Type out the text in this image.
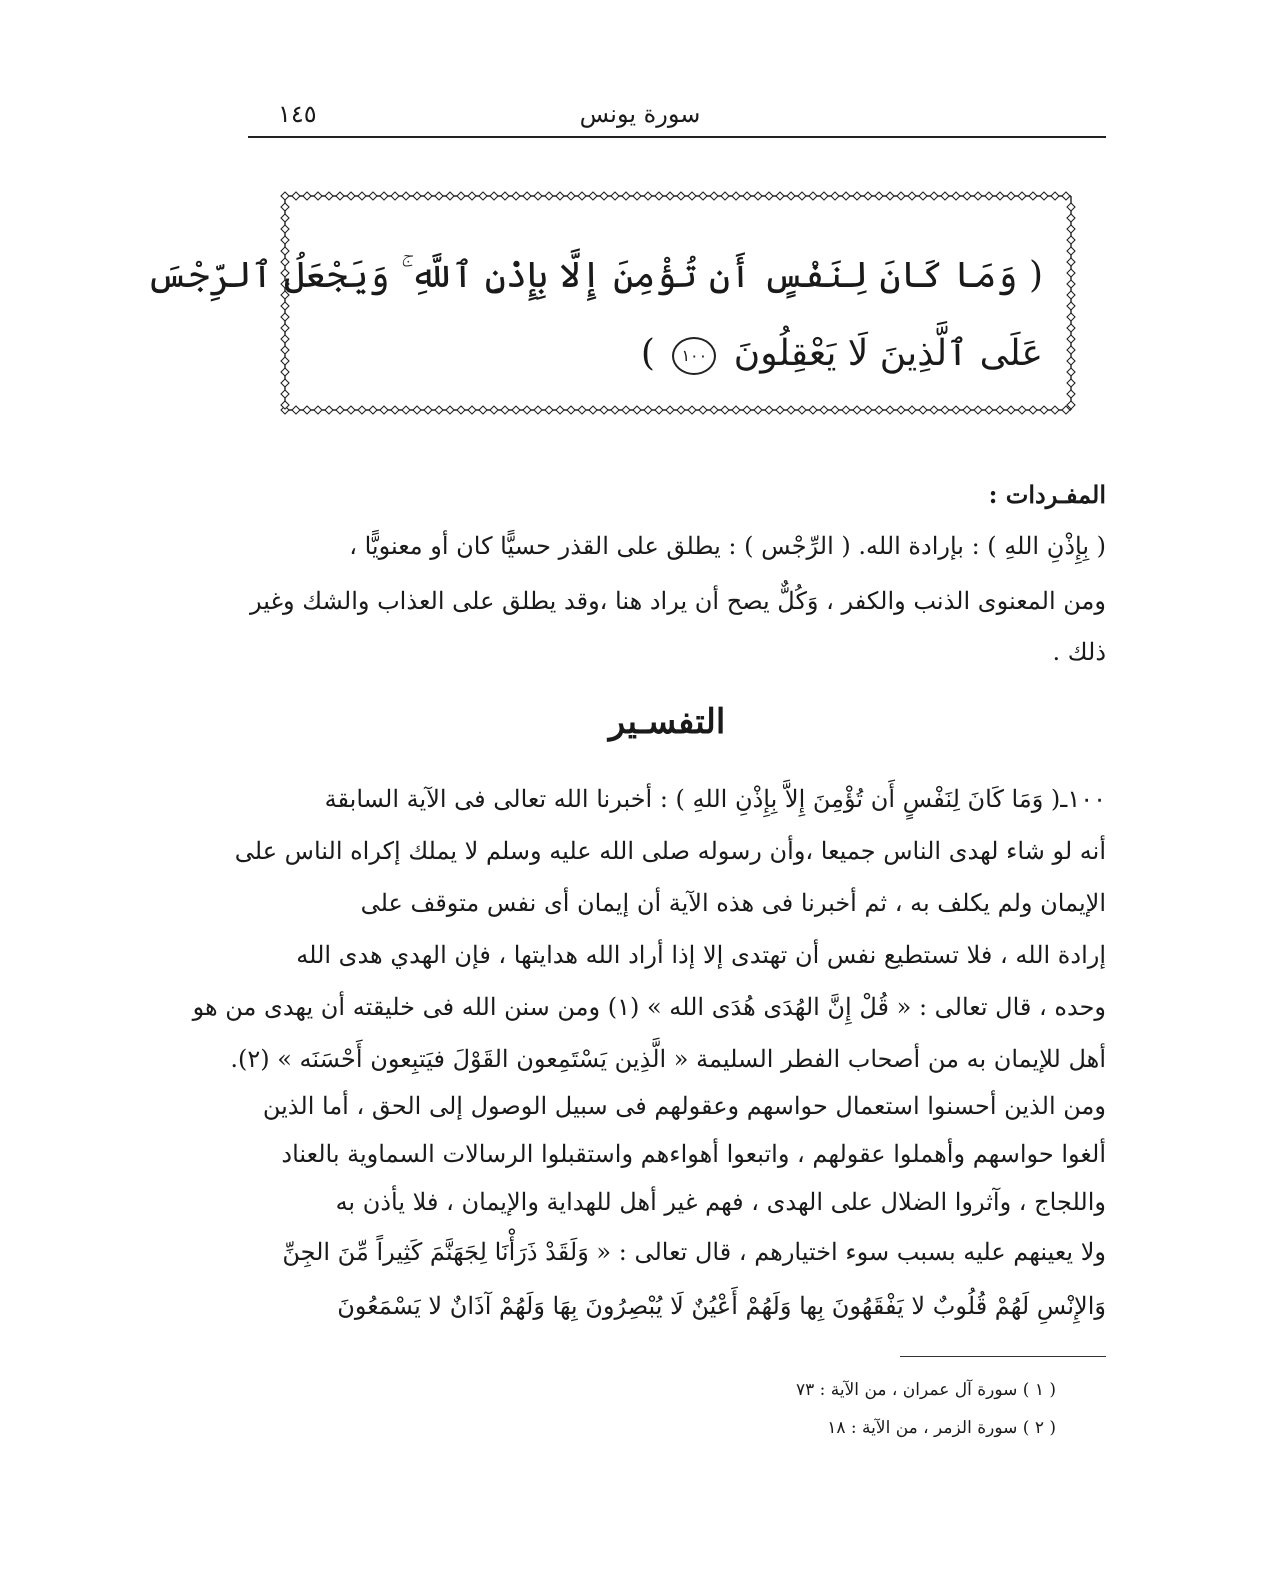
سورة يونس
١٤٥
( وَمَا كَانَ لِنَفْسٍ أَن تُؤْمِنَ إِلَّا بِإِذْنِ ٱللَّهِ ۚ وَيَجْعَلُ ٱلرِّجْسَ
عَلَى ٱلَّذِينَ لَا يَعْقِلُونَ ١٠٠ )
المفـردات :
( بِإِذْنِ اللهِ ) : بإرادة الله. ( الرِّجْس ) : يطلق على القذر حسيًّا كان أو معنويًّا ،
ومن المعنوى الذنب والكفر ، وَكُلٌّ يصح أن يراد هنا ،وقد يطلق على العذاب والشك وغير
ذلك .
التفسـير
١٠٠ـ( وَمَا كَانَ لِنَفْسٍ أَن تُؤْمِنَ إِلاَّ بِإِذْنِ اللهِ ) : أخبرنا الله تعالى فى الآية السابقة
أنه لو شاء لهدى الناس جميعا ،وأن رسوله صلى الله عليه وسلم لا يملك إكراه الناس على
الإيمان ولم يكلف به ، ثم أخبرنا فى هذه الآية أن إيمان أى نفس متوقف على
إرادة الله ، فلا تستطيع نفس أن تهتدى إلا إذا أراد الله هدايتها ، فإن الهدي هدى الله
وحده ، قال تعالى : « قُلْ إِنَّ الهُدَى هُدَى الله » (١) ومن سنن الله فى خليقته أن يهدى من هو
أهل للإيمان به من أصحاب الفطر السليمة « الَّذِين يَسْتَمِعون القَوْلَ فيَتبِعون أَحْسَنَه » (٢).
ومن الذين أحسنوا استعمال حواسهم وعقولهم فى سبيل الوصول إلى الحق ، أما الذين
ألغوا حواسهم وأهملوا عقولهم ، واتبعوا أهواءهم واستقبلوا الرسالات السماوية بالعناد
واللجاج ، وآثروا الضلال على الهدى ، فهم غير أهل للهداية والإيمان ، فلا يأذن به
ولا يعينهم عليه بسبب سوء اختيارهم ، قال تعالى : « وَلَقَدْ ذَرَأْنَا لِجَهَنَّمَ كَثِيراً مِّنَ الجِنِّ
وَالإِنْسِ لَهُمْ قُلُوبٌ لا يَفْقَهُونَ بِها وَلَهُمْ أَعْيُنٌ لَا يُبْصِرُونَ بِهَا وَلَهُمْ آذَانٌ لا يَسْمَعُونَ
( ١ ) سورة آل عمران ، من الآية : ٧٣
( ٢ ) سورة الزمر ، من الآية : ١٨
